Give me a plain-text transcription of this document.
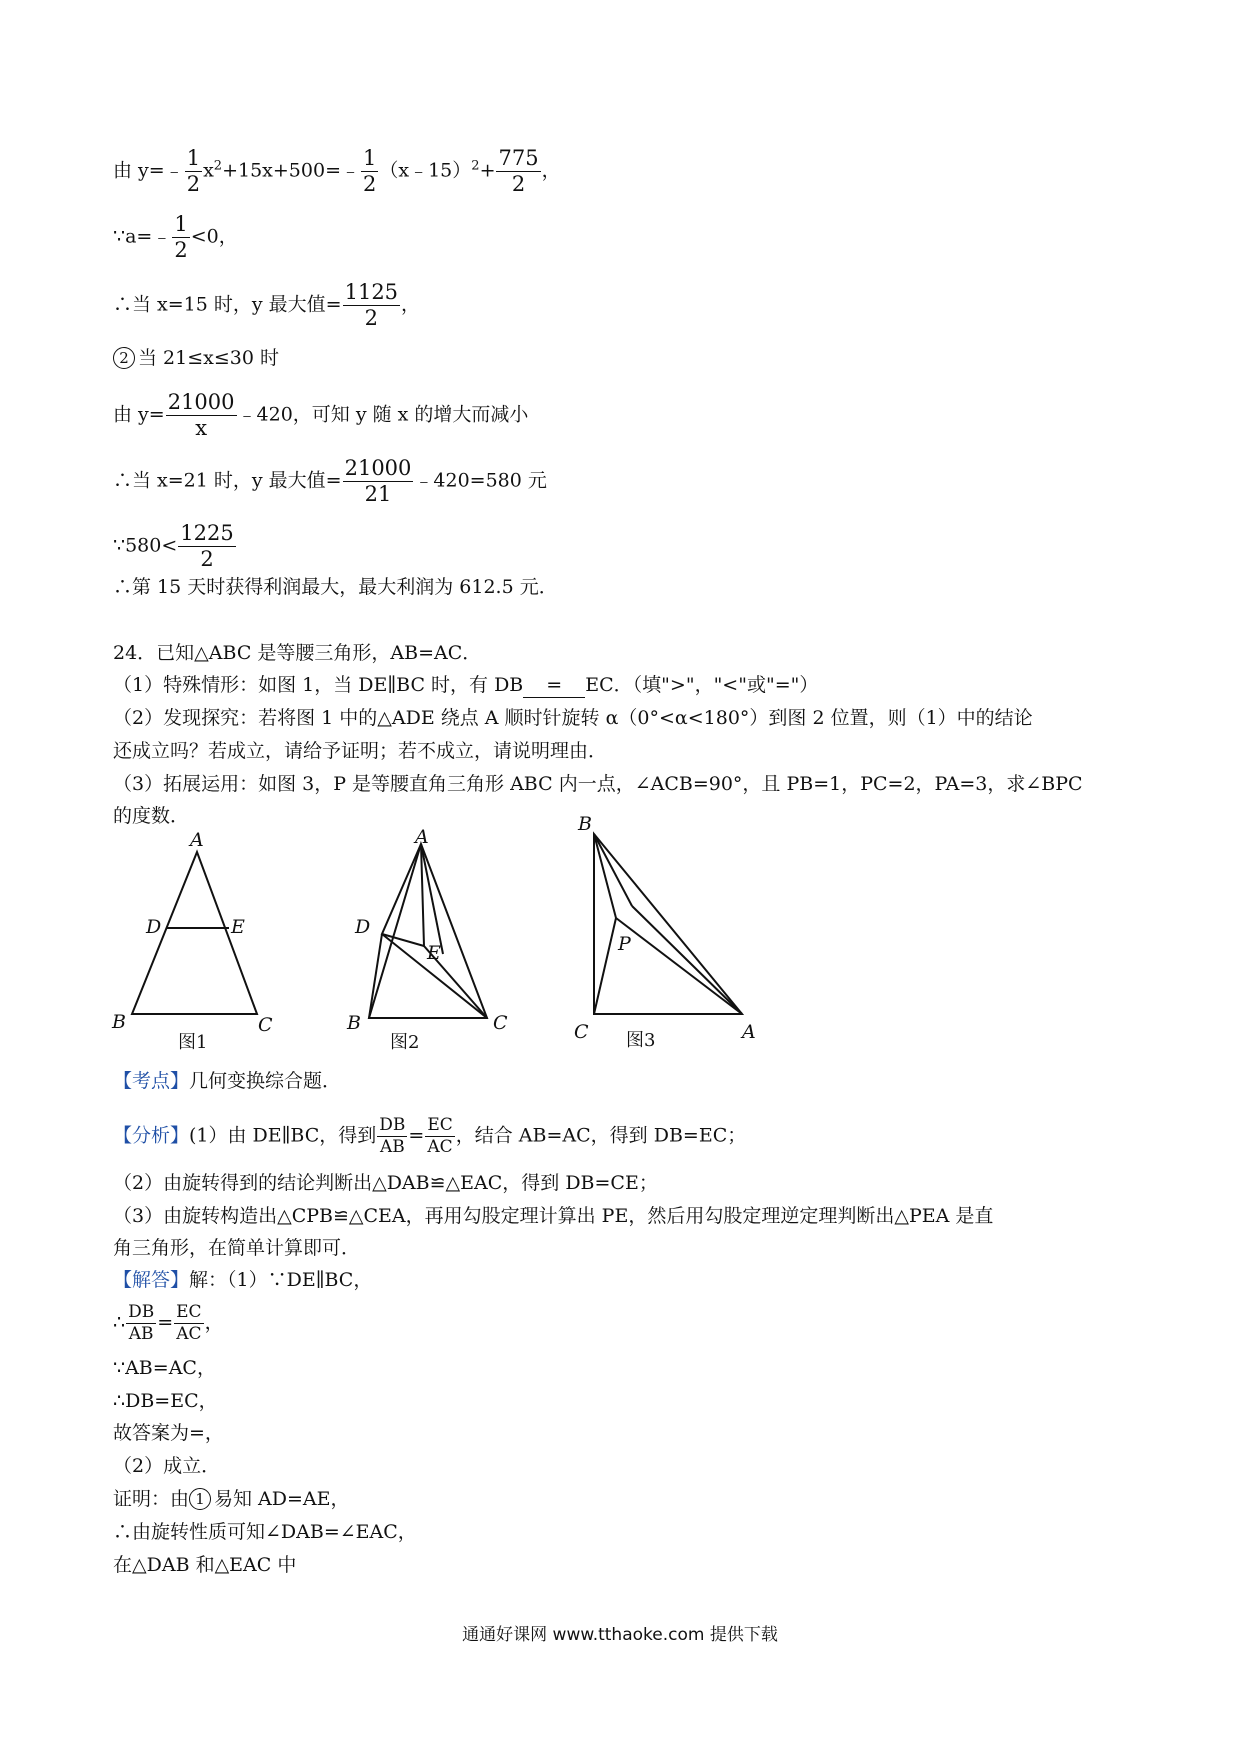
由 y=﹣ $\frac{1}{2}$ $x^2+15x+500=﹣ \frac{1}{2}$ （x﹣15）$^2$+ $\frac{775}{2}$ ，
∵a=﹣ $\frac{1}{2} <0$，
∴当 x=15 时，y 最大值= $\frac{1125}{2}$ ，
2 当 21≤x≤30 时
由 $y= \frac{21000}{x}$ ﹣420，可知 y 随 x 的增大而减小
∴当 x=21 时，y 最大值= $\frac{21000}{21}$ ﹣420=580 元
∵580< $\frac{1225}{2}$
∴第 15 天时获得利润最大，最大利润为 612.5 元．
24．已知△ABC 是等腰三角形，AB=AC．
（1）特殊情形：如图 1，当 DE∥BC 时，有 DB = EC．（填">"，"<"或"="）
（2）发现探究：若将图 1 中的△ADE 绕点 A 顺时针旋转 α（0°<α<180°）到图 2 位置，则（1）中的结论
还成立吗？若成立，请给予证明；若不成立，请说明理由．
（3）拓展运用：如图 3，P 是等腰直角三角形 ABC 内一点，∠ACB=90°，且 PB=1，PC=2，PA=3，求∠BPC
的度数．
A
D	E
B	C
图1
A
D
E
B	C
图2
B
P
C	A
图3
【考点】几何变换综合题．
【分析】(1）由 DE∥BC，得到 $\frac{DB}{AB} = \frac{EC}{AC}$ ，结合 AB=AC，得到 DB=EC；
（2）由旋转得到的结论判断出△DAB≌△EAC，得到 DB=CE；
（3）由旋转构造出△CPB≌△CEA，再用勾股定理计算出 PE，然后用勾股定理逆定理判断出△PEA 是直
角三角形，在简单计算即可．
【解答】解：（1）∵DE∥BC，
∴ $\frac{DB}{AB} = \frac{EC}{AC}$ ，
∵AB=AC，
∴DB=EC，
故答案为=，
（2）成立．
证明：由 1 易知 AD=AE，
∴由旋转性质可知∠DAB=∠EAC，
在△DAB 和△EAC 中
通通好课网 www.tthaoke.com 提供下载
